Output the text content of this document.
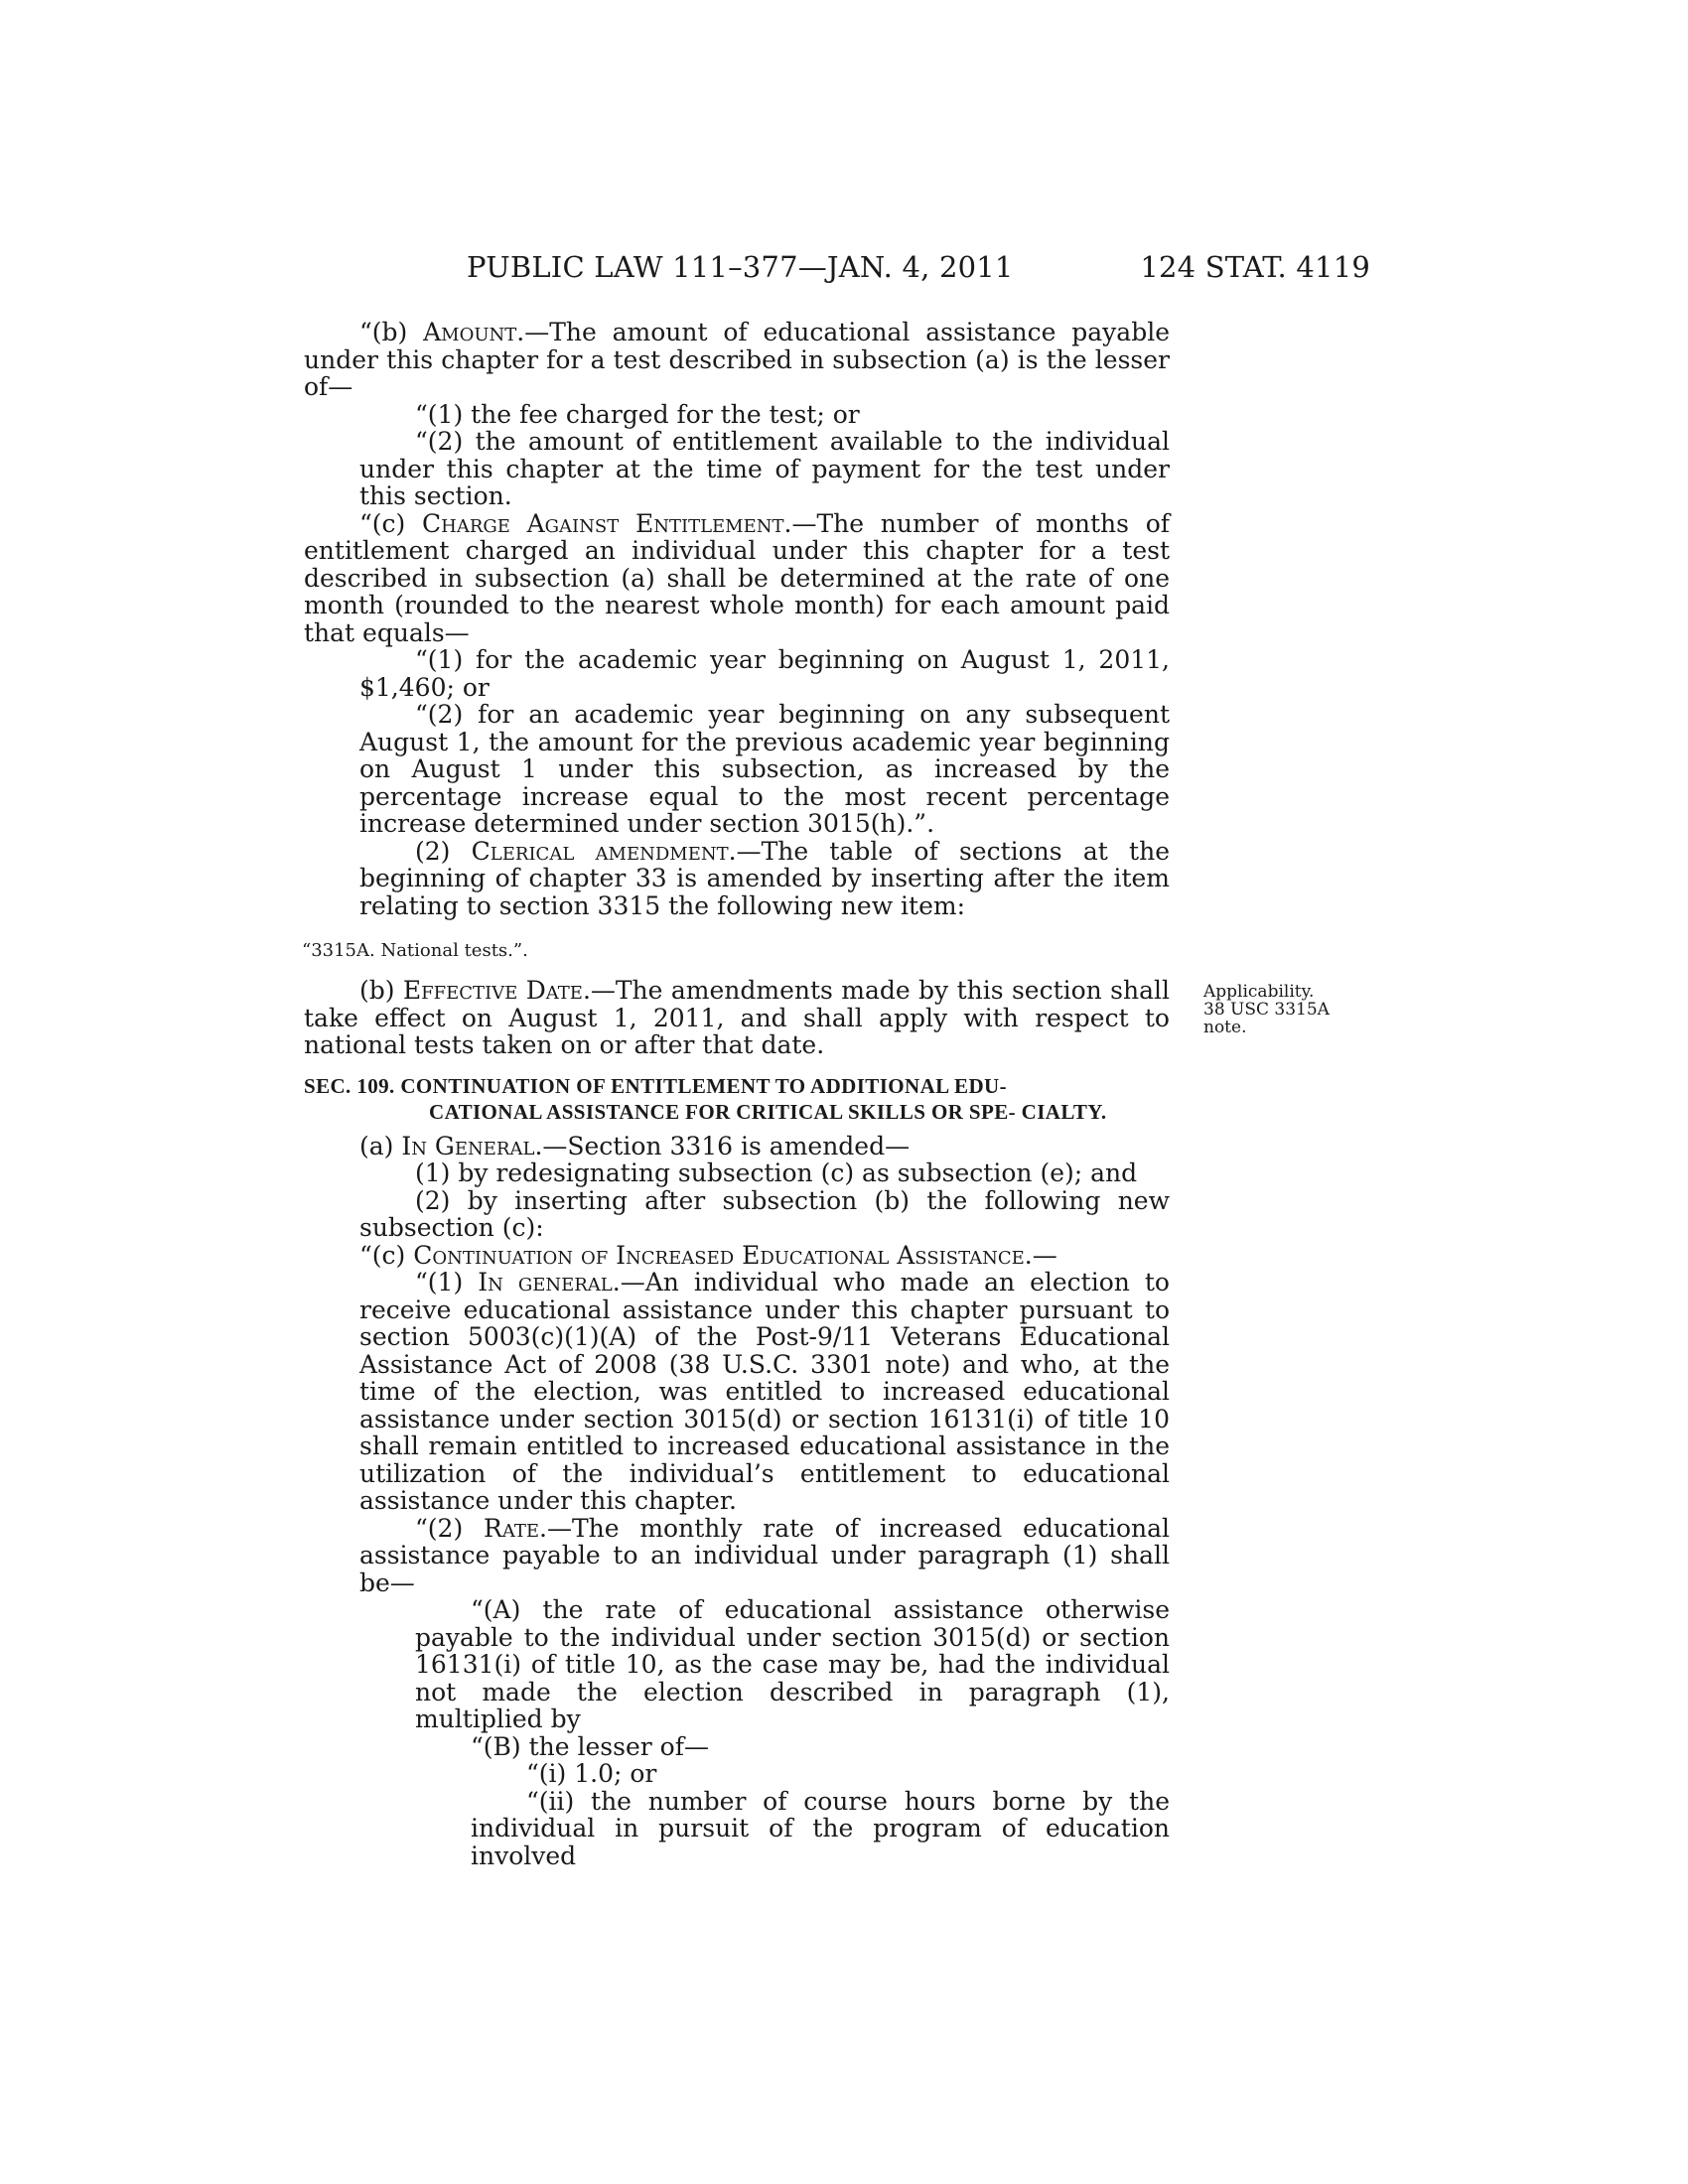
PUBLIC LAW 111–377—JAN. 4, 2011	124 STAT. 4119
Applicability.
38 USC 3315A
note.

“(b) Amount.—The amount of educational assistance payable under this chapter for a test described in subsection (a) is the lesser of—

“(1) the fee charged for the test; or

“(2) the amount of entitlement available to the individual under this chapter at the time of payment for the test under this section.

“(c) Charge Against Entitlement.—The number of months of entitlement charged an individual under this chapter for a test described in subsection (a) shall be determined at the rate of one month (rounded to the nearest whole month) for each amount paid that equals—

“(1) for the academic year beginning on August 1, 2011, $1,460; or

“(2) for an academic year beginning on any subsequent August 1, the amount for the previous academic year beginning on August 1 under this subsection, as increased by the percentage increase equal to the most recent percentage increase determined under section 3015(h).”.

(2) Clerical amendment.—The table of sections at the beginning of chapter 33 is amended by inserting after the item relating to section 3315 the following new item:

“3315A. National tests.”.

(b) Effective Date.—The amendments made by this section shall take effect on August 1, 2011, and shall apply with respect to national tests taken on or after that date.

SEC. 109. CONTINUATION OF ENTITLEMENT TO ADDITIONAL EDU-
CATIONAL ASSISTANCE FOR CRITICAL SKILLS OR SPE- CIALTY.

(a) In General.—Section 3316 is amended—

(1) by redesignating subsection (c) as subsection (e); and

(2) by inserting after subsection (b) the following new subsection (c):

“(c) Continuation of Increased Educational Assistance.—

“(1) In general.—An individual who made an election to receive educational assistance under this chapter pursuant to section 5003(c)(1)(A) of the Post-9/11 Veterans Educational Assistance Act of 2008 (38 U.S.C. 3301 note) and who, at the time of the election, was entitled to increased educational assistance under section 3015(d) or section 16131(i) of title 10 shall remain entitled to increased educational assistance in the utilization of the individual’s entitlement to educational assistance under this chapter.

“(2) Rate.—The monthly rate of increased educational assistance payable to an individual under paragraph (1) shall be—

“(A) the rate of educational assistance otherwise payable to the individual under section 3015(d) or section 16131(i) of title 10, as the case may be, had the individual not made the election described in paragraph (1), multiplied by

“(B) the lesser of—

“(i) 1.0; or

“(ii) the number of course hours borne by the individual in pursuit of the program of education involved
